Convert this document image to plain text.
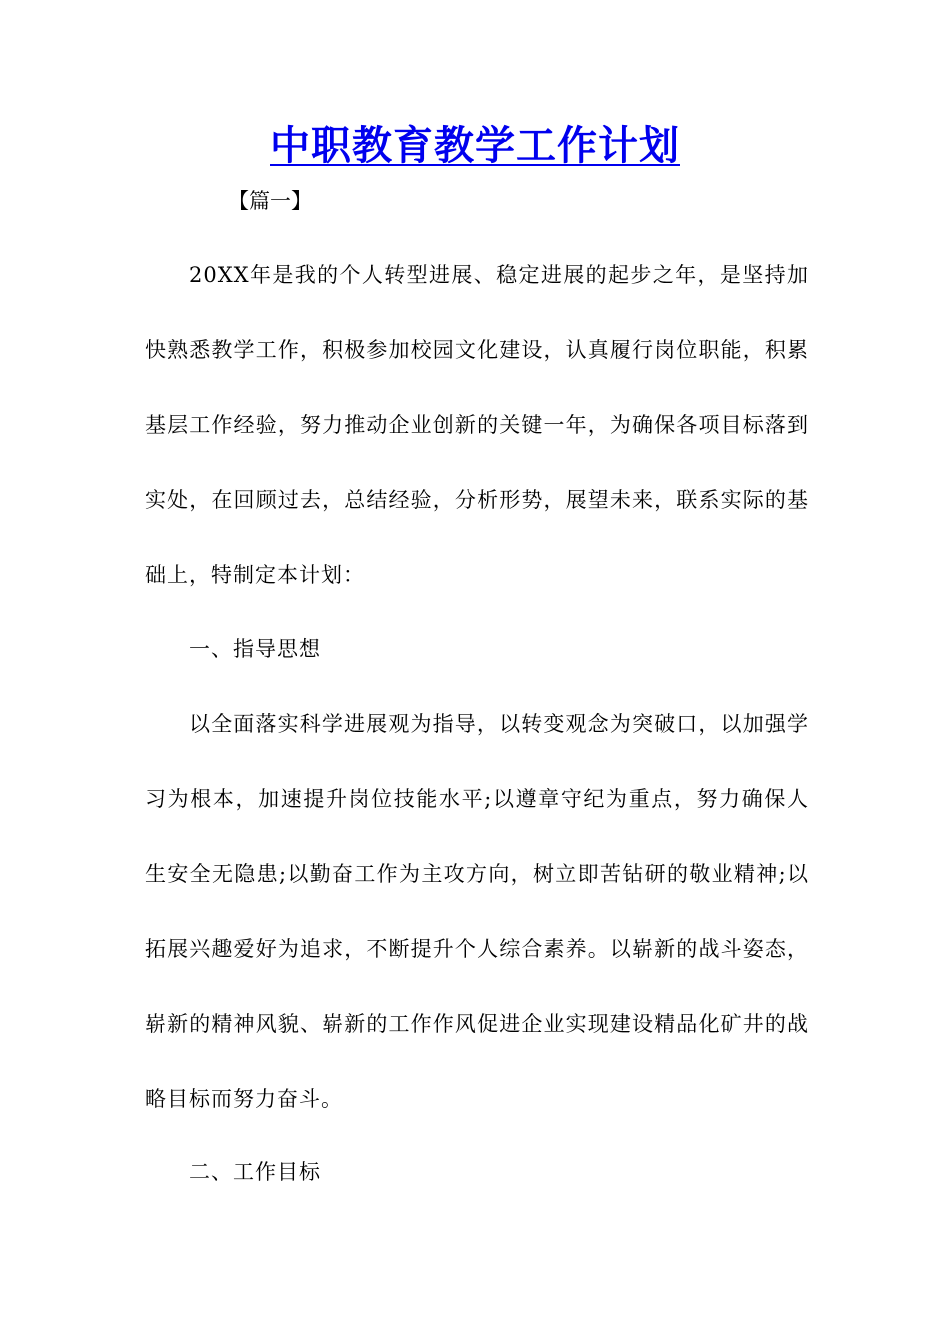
中职教育教学工作计划

【篇一】

20XX年是我的个人转型进展、稳定进展的起步之年，是坚持加快熟悉教学工作，积极参加校园文化建设，认真履行岗位职能，积累基层工作经验，努力推动企业创新的关键一年，为确保各项目标落到实处，在回顾过去，总结经验，分析形势，展望未来，联系实际的基础上，特制定本计划：

一、指导思想

以全面落实科学进展观为指导，以转变观念为突破口，以加强学习为根本，加速提升岗位技能水平;以遵章守纪为重点，努力确保人生安全无隐患;以勤奋工作为主攻方向，树立即苦钻研的敬业精神;以拓展兴趣爱好为追求，不断提升个人综合素养。以崭新的战斗姿态，崭新的精神风貌、崭新的工作作风促进企业实现建设精品化矿井的战略目标而努力奋斗。

二、工作目标
